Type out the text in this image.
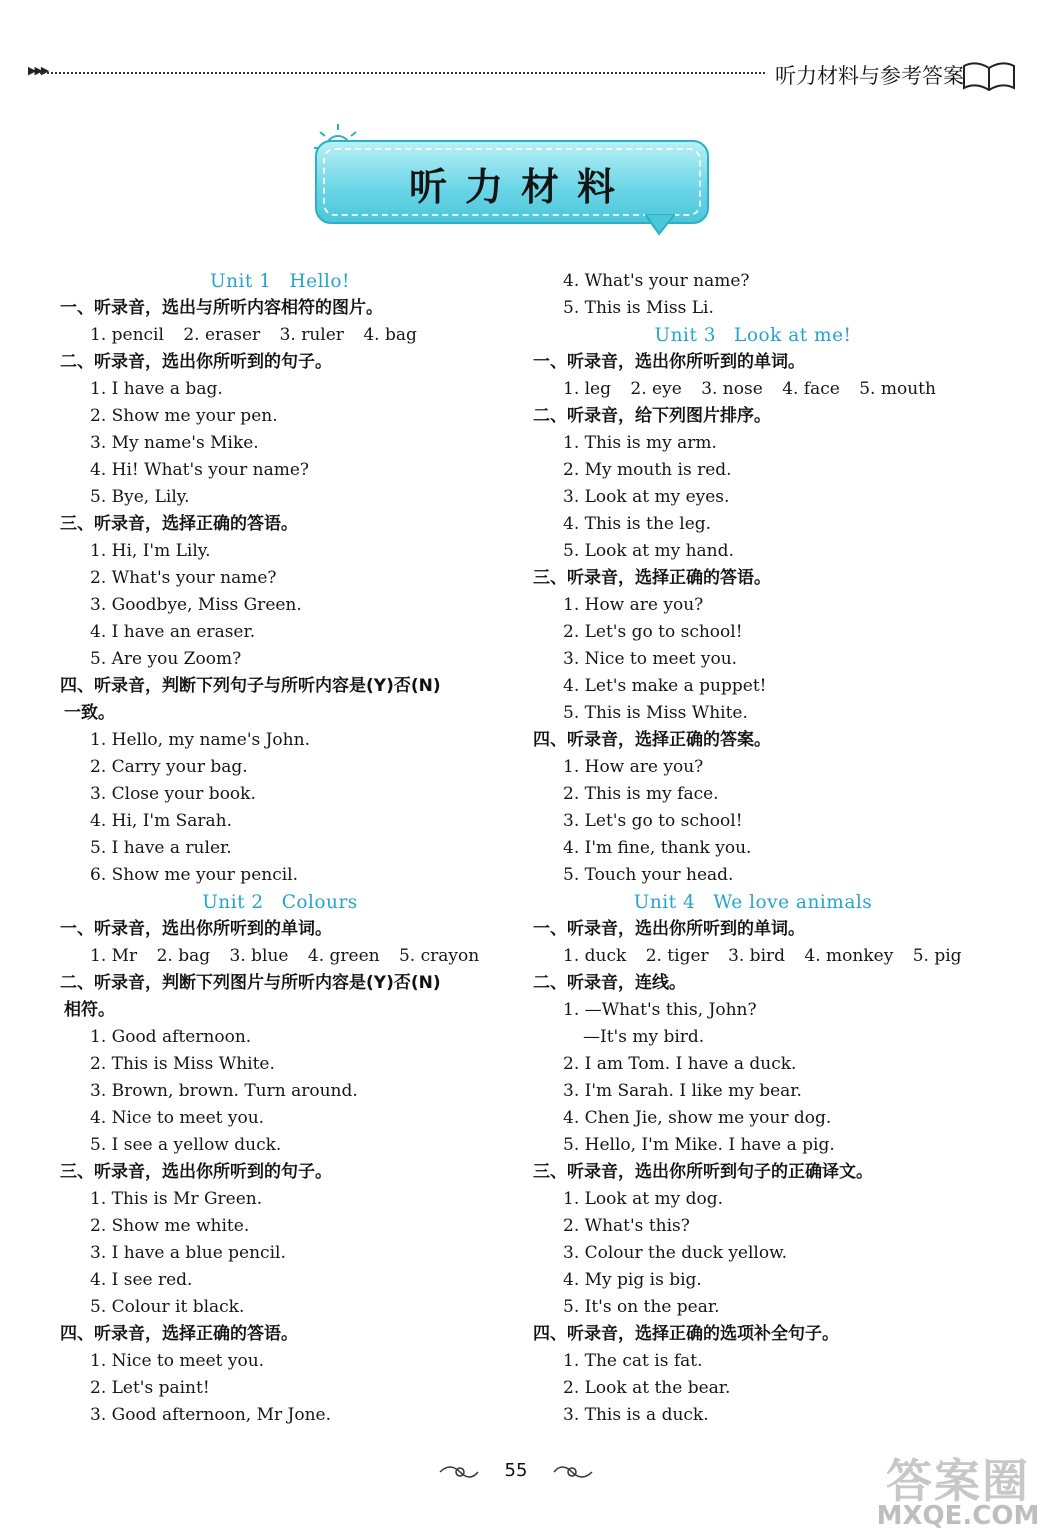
▶▶▶	听力材料与参考答案
听力材料
Unit 1 Hello!
一、听录音，选出与所听内容相符的图片。
1. pencil 2. eraser 3. ruler 4. bag
二、听录音，选出你所听到的句子。
1. I have a bag.
2. Show me your pen.
3. My name's Mike.
4. Hi! What's your name?
5. Bye, Lily.
三、听录音，选择正确的答语。
1. Hi, I'm Lily.
2. What's your name?
3. Goodbye, Miss Green.
4. I have an eraser.
5. Are you Zoom?
四、听录音，判断下列句子与所听内容是(Y)否(N)
一致。
1. Hello, my name's John.
2. Carry your bag.
3. Close your book.
4. Hi, I'm Sarah.
5. I have a ruler.
6. Show me your pencil.
Unit 2 Colours
一、听录音，选出你所听到的单词。
1. Mr 2. bag 3. blue 4. green 5. crayon
二、听录音，判断下列图片与所听内容是(Y)否(N)
相符。
1. Good afternoon.
2. This is Miss White.
3. Brown, brown. Turn around.
4. Nice to meet you.
5. I see a yellow duck.
三、听录音，选出你所听到的句子。
1. This is Mr Green.
2. Show me white.
3. I have a blue pencil.
4. I see red.
5. Colour it black.
四、听录音，选择正确的答语。
1. Nice to meet you.
2. Let's paint!
3. Good afternoon, Mr Jone.
4. What's your name?
5. This is Miss Li.
Unit 3 Look at me!
一、听录音，选出你所听到的单词。
1. leg 2. eye 3. nose 4. face 5. mouth
二、听录音，给下列图片排序。
1. This is my arm.
2. My mouth is red.
3. Look at my eyes.
4. This is the leg.
5. Look at my hand.
三、听录音，选择正确的答语。
1. How are you?
2. Let's go to school!
3. Nice to meet you.
4. Let's make a puppet!
5. This is Miss White.
四、听录音，选择正确的答案。
1. How are you?
2. This is my face.
3. Let's go to school!
4. I'm fine, thank you.
5. Touch your head.
Unit 4 We love animals
一、听录音，选出你所听到的单词。
1. duck 2. tiger 3. bird 4. monkey 5. pig
二、听录音，连线。
1. —What's this, John?
—It's my bird.
2. I am Tom. I have a duck.
3. I'm Sarah. I like my bear.
4. Chen Jie, show me your dog.
5. Hello, I'm Mike. I have a pig.
三、听录音，选出你所听到句子的正确译文。
1. Look at my dog.
2. What's this?
3. Colour the duck yellow.
4. My pig is big.
5. It's on the pear.
四、听录音，选择正确的选项补全句子。
1. The cat is fat.
2. Look at the bear.
3. This is a duck.
55	答案圈
MXQE.COM
